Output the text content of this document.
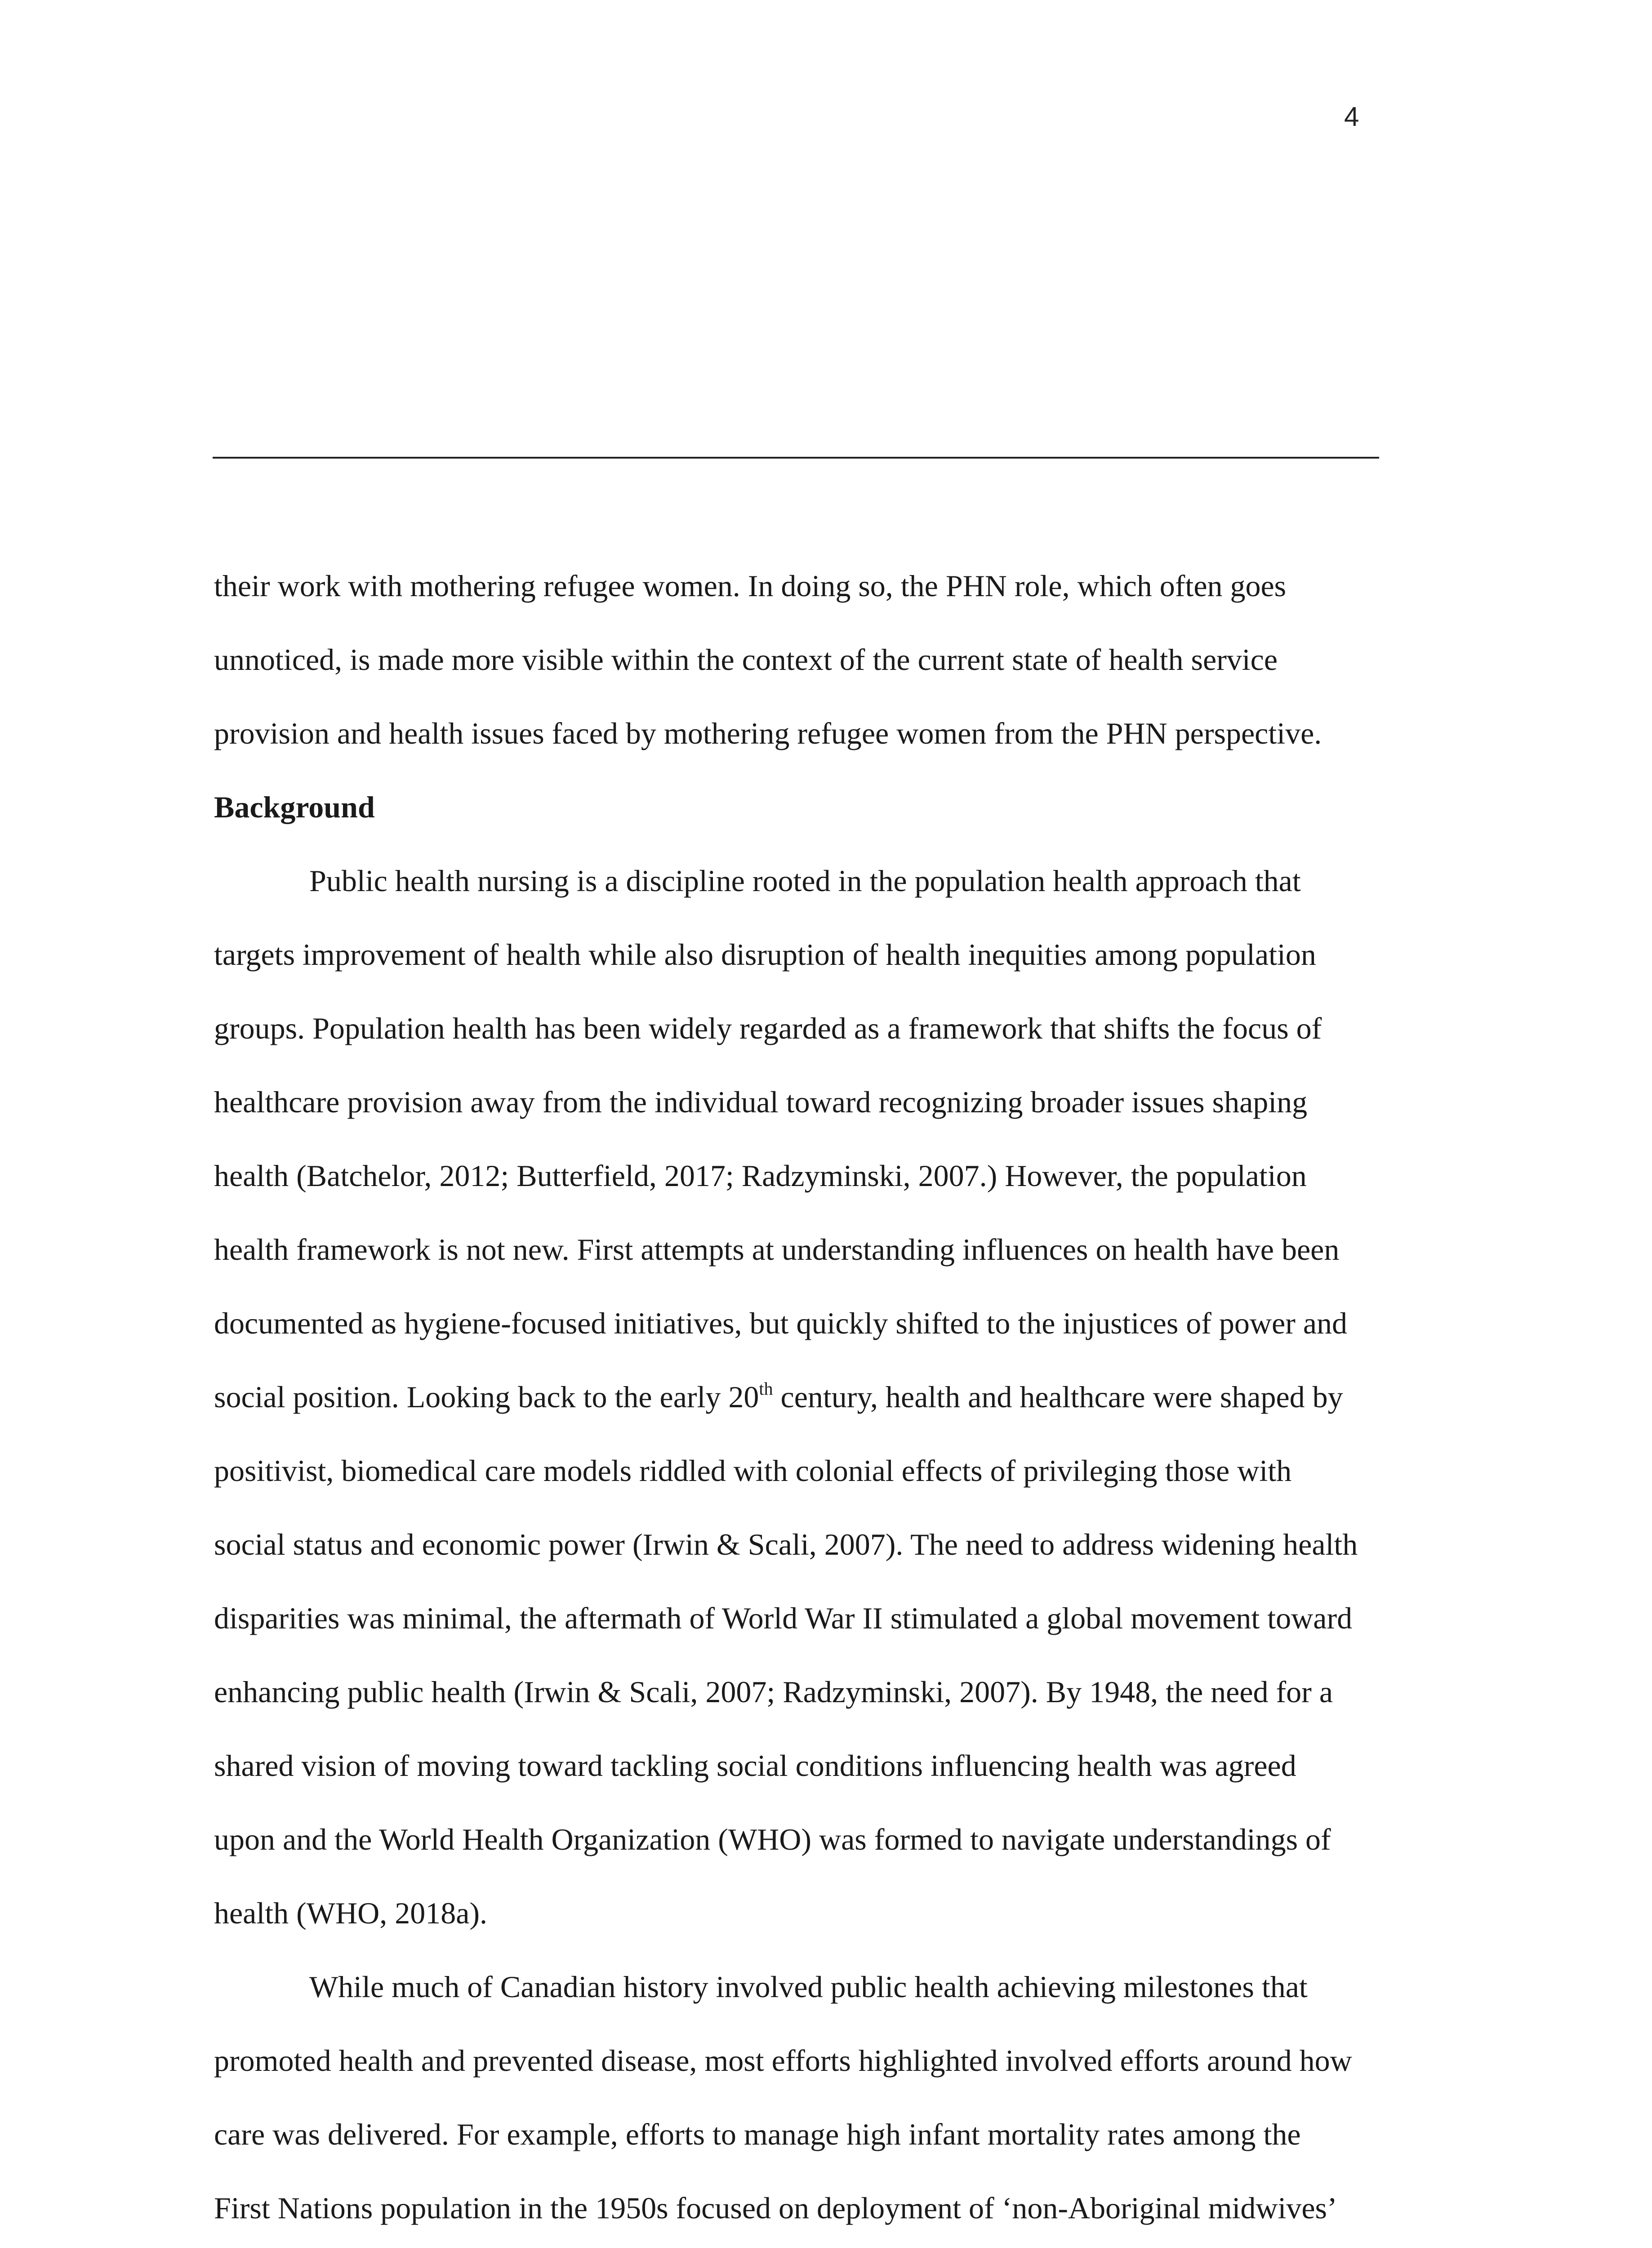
4
their work with mothering refugee women. In doing so, the PHN role, which often goes
unnoticed, is made more visible within the context of the current state of health service
provision and health issues faced by mothering refugee women from the PHN perspective.
Background
Public health nursing is a discipline rooted in the population health approach that
targets improvement of health while also disruption of health inequities among population
groups. Population health has been widely regarded as a framework that shifts the focus of
healthcare provision away from the individual toward recognizing broader issues shaping
health (Batchelor, 2012; Butterfield, 2017; Radzyminski, 2007.) However, the population
health framework is not new. First attempts at understanding influences on health have been
documented as hygiene-focused initiatives, but quickly shifted to the injustices of power and
social position. Looking back to the early 20th century, health and healthcare were shaped by
positivist, biomedical care models riddled with colonial effects of privileging those with
social status and economic power (Irwin & Scali, 2007). The need to address widening health
disparities was minimal, the aftermath of World War II stimulated a global movement toward
enhancing public health (Irwin & Scali, 2007; Radzyminski, 2007). By 1948, the need for a
shared vision of moving toward tackling social conditions influencing health was agreed
upon and the World Health Organization (WHO) was formed to navigate understandings of
health (WHO, 2018a).
While much of Canadian history involved public health achieving milestones that
promoted health and prevented disease, most efforts highlighted involved efforts around how
care was delivered. For example, efforts to manage high infant mortality rates among the
First Nations population in the 1950s focused on deployment of ‘non-Aboriginal midwives’
